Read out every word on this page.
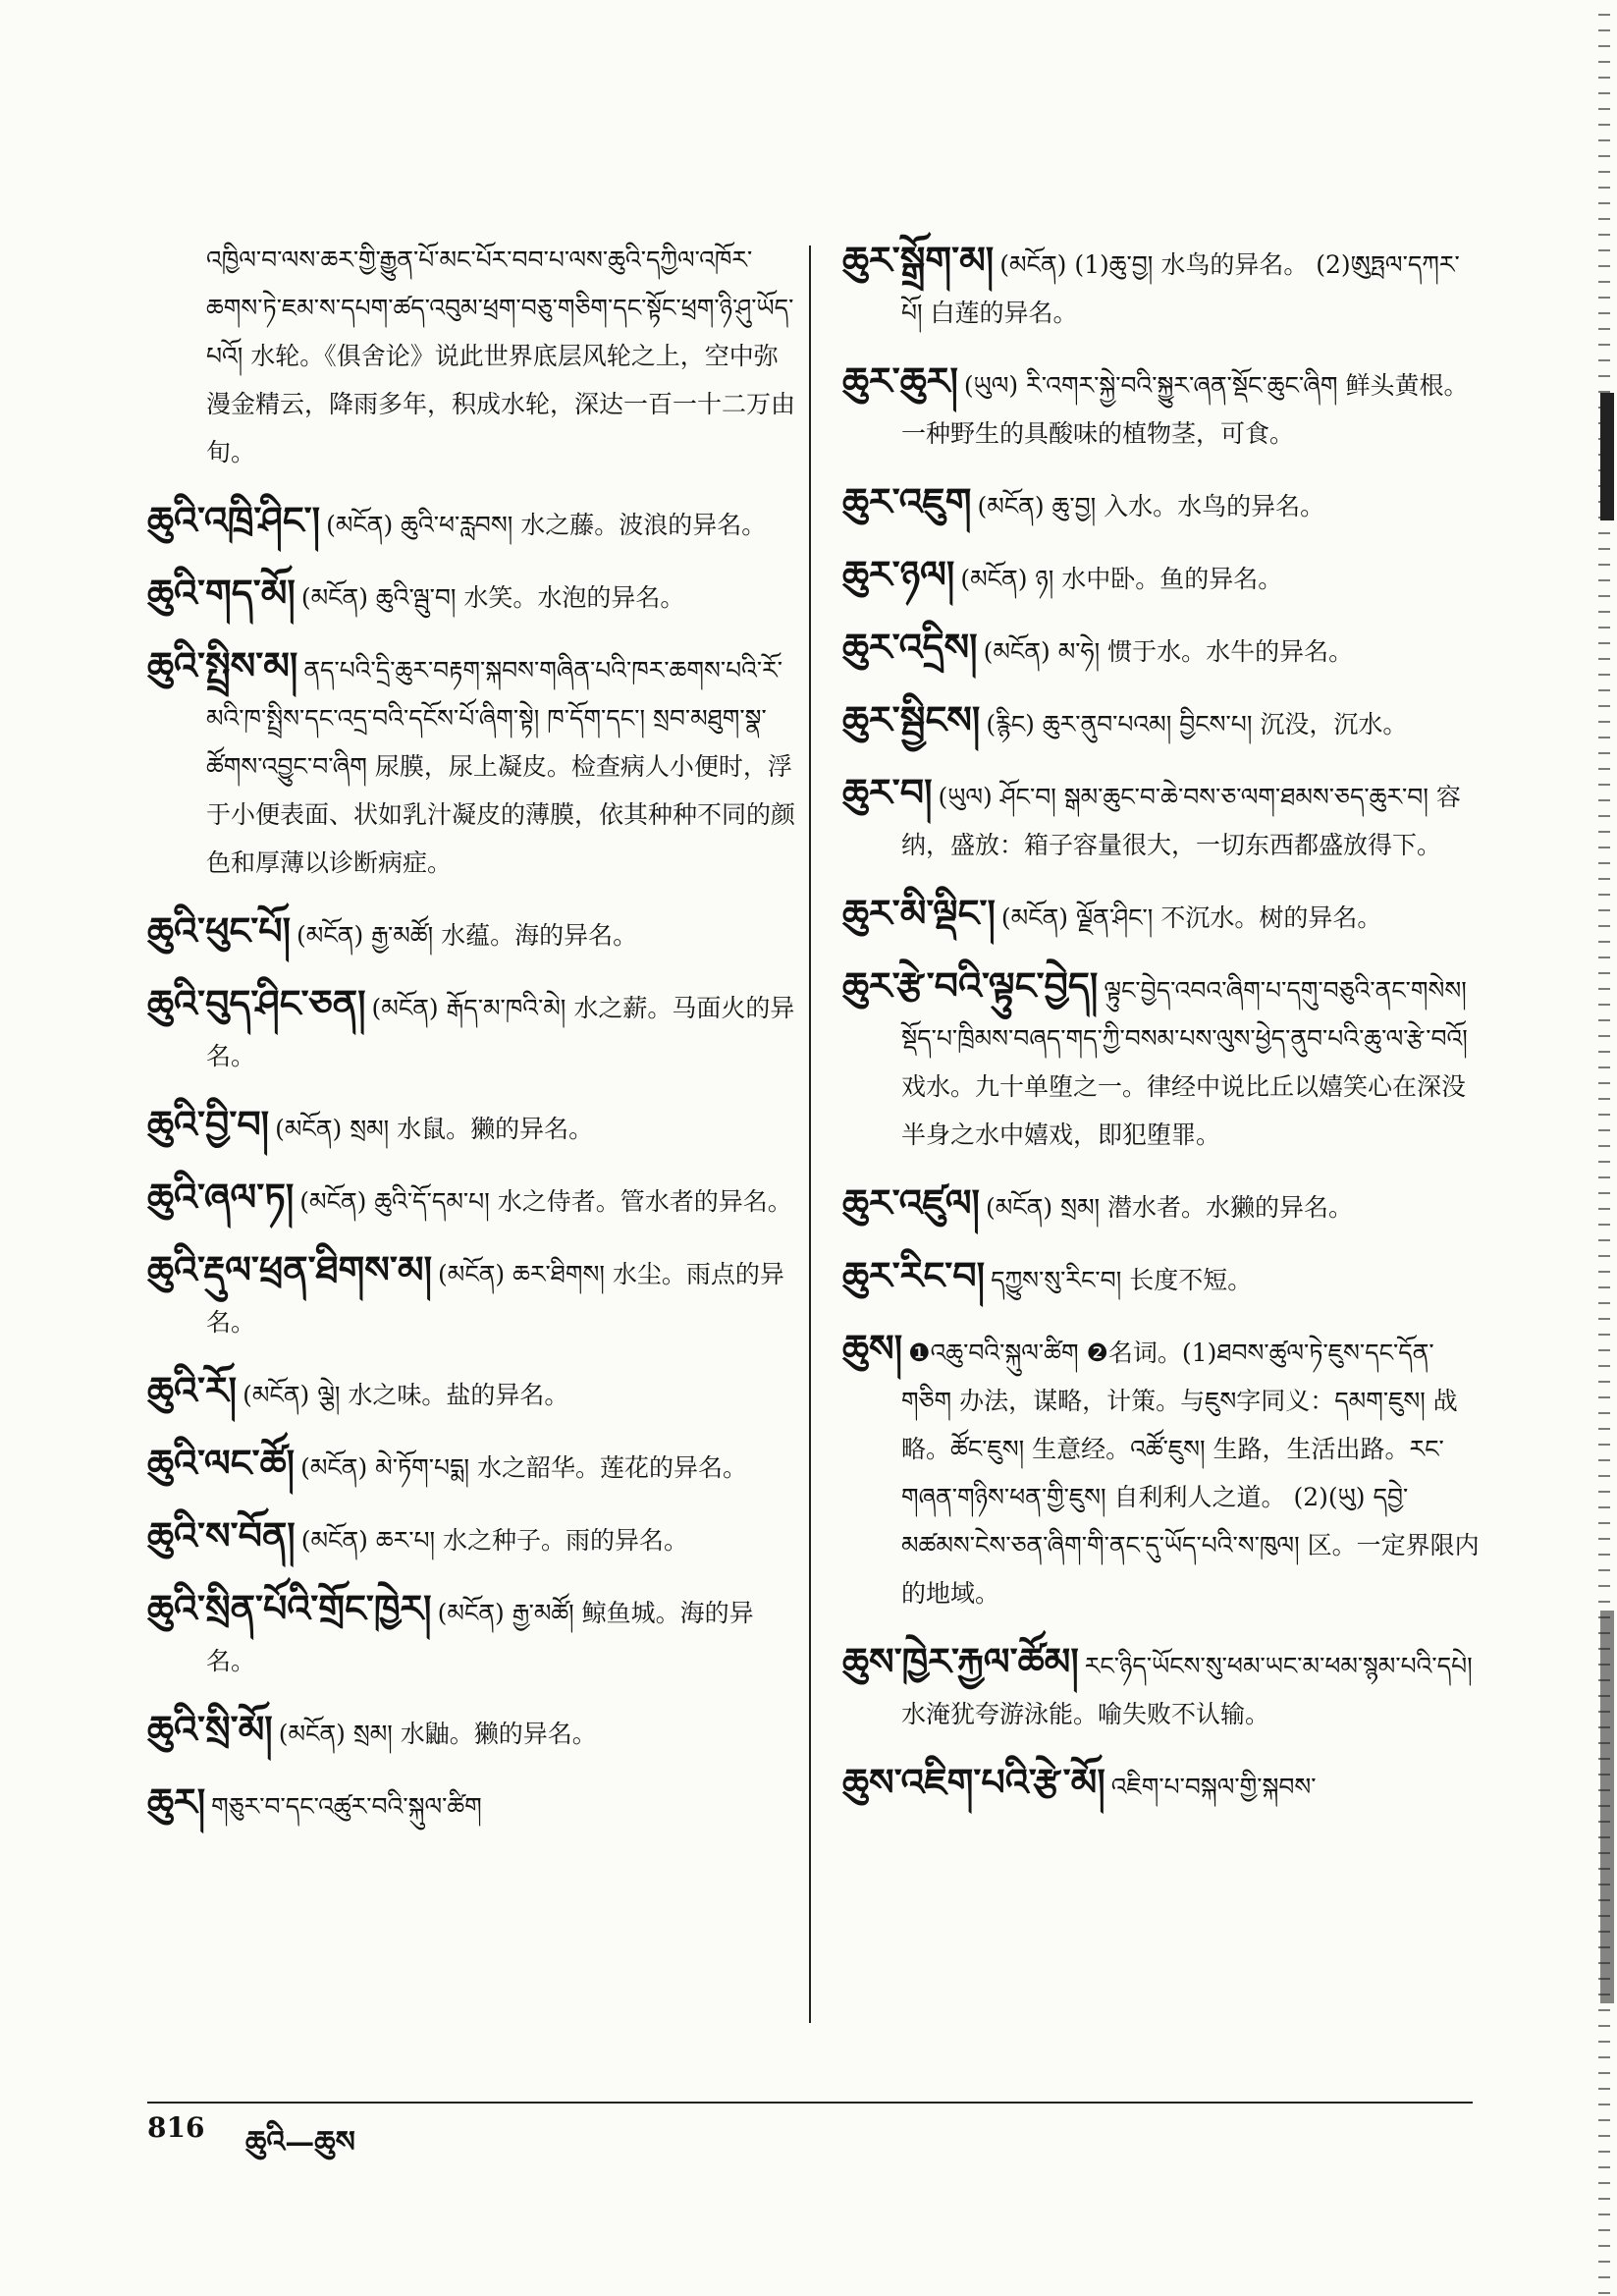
འཁྱིལ་བ་ལས་ཆར་གྱི་རྒྱུན་པོ་མང་པོར་བབ་པ་ལས་ཆུའི་དཀྱིལ་འཁོར་ཆགས་ཏེ་ཇམ་ས་དཔག་ཚད་འབུམ་ཕྲག་བཅུ་གཅིག་དང་སྟོང་ཕྲག་ཉི་ཤུ་ཡོད་པའོ། 水轮。《俱舍论》说此世界底层风轮之上，空中弥漫金精云，降雨多年，积成水轮，深达一百一十二万由旬。
ཆུའི་འཁྲི་ཤིང་། (མངོན) ཆུའི་ཕ་རླབས། 水之藤。波浪的异名。
ཆུའི་གད་མོ། (མངོན) ཆུའི་ལྦུ་བ། 水笑。水泡的异名。
ཆུའི་སྤྲིས་མ། ནད་པའི་དྲི་ཆུར་བརྟག་སྐབས་གཞིན་པའི་ཁར་ཆགས་པའི་རོ་མའི་ཁ་སྤྲིས་དང་འདྲ་བའི་དངོས་པོ་ཞིག་སྟེ། ཁ་དོག་དང་། སྲབ་མཐུག་སྣ་ཚོགས་འབྱུང་བ་ཞིག 尿膜，尿上凝皮。检查病人小便时，浮于小便表面、状如乳汁凝皮的薄膜，依其种种不同的颜色和厚薄以诊断病症。
ཆུའི་ཕུང་པོ། (མངོན) རྒྱ་མཚོ། 水蕴。海的异名。
ཆུའི་བུད་ཤིང་ཅན། (མངོན) རྒོད་མ་ཁའི་མེ། 水之薪。马面火的异名。
ཆུའི་བྱི་བ། (མངོན) སྲམ། 水鼠。獭的异名。
ཆུའི་ཞལ་ཏ། (མངོན) ཆུའི་དོ་དམ་པ། 水之侍者。管水者的异名。
ཆུའི་རྡུལ་ཕྲན་ཐིགས་མ། (མངོན) ཆར་ཐིགས། 水尘。雨点的异名。
ཆུའི་རོ། (མངོན) ལྕེ། 水之味。盐的异名。
ཆུའི་ལང་ཚོ། (མངོན) མེ་ཏོག་པདྨ། 水之韶华。莲花的异名。
ཆུའི་ས་བོན། (མངོན) ཆར་པ། 水之种子。雨的异名。
ཆུའི་སྲིན་པོའི་གྲོང་ཁྱེར། (མངོན) རྒྱ་མཚོ། 鲸鱼城。海的异名。
ཆུའི་སྲི་མོ། (མངོན) སྲམ། 水鼬。獭的异名。
ཆུར། གཅུར་བ་དང་འཚུར་བའི་སྐུལ་ཚིག
ཆུར་སྒྲོག་མ། (མངོན) (1)ཆུ་བྱ། 水鸟的异名。 (2)ཨུཏྤལ་དཀར་པོ། 白莲的异名。
ཆུར་ཆུར། (ཡུལ) རི་འགར་སྐྱེ་བའི་སྐྱུར་ཞན་སྡོང་ཆུང་ཞིག 鲜头黄根。一种野生的具酸味的植物茎，可食。
ཆུར་འཇུག (མངོན) ཆུ་བྱ། 入水。水鸟的异名。
ཆུར་ཉལ། (མངོན) ཉ། 水中卧。鱼的异名。
ཆུར་འདྲིས། (མངོན) མ་ཧེ། 惯于水。水牛的异名。
ཆུར་སྦྱིངས། (རྙིང) ཆུར་ནུབ་པའམ། བྱིངས་པ། 沉没，沉水。
ཆུར་བ། (ཡུལ) ཤོང་བ། སྒམ་ཆུང་བ་ཆེ་བས་ཅ་ལག་ཐམས་ཅད་ཆུར་བ། 容纳，盛放：箱子容量很大，一切东西都盛放得下。
ཆུར་མི་ལྡིང་། (མངོན) ལྗོན་ཤིང་། 不沉水。树的异名。
ཆུར་རྩེ་བའི་ལྟུང་བྱེད། ལྟུང་བྱེད་འབའ་ཞིག་པ་དགུ་བཅུའི་ནང་གསེས། སྡོད་པ་ཁྲིམས་བཞད་གད་ཀྱི་བསམ་པས་ལུས་ཕྱེད་ནུབ་པའི་ཆུ་ལ་རྩེ་བའོ། 戏水。九十单堕之一。律经中说比丘以嬉笑心在深没半身之水中嬉戏，即犯堕罪。
ཆུར་འཛུལ། (མངོན) སྲམ། 潜水者。水獭的异名。
ཆུར་རིང་བ། དཀྱུས་སུ་རིང་བ། 长度不短。
ཆུས། ❶འཆུ་བའི་སྐུལ་ཚིག ❷名词。(1)ཐབས་ཚུལ་ཏེ་ཇུས་དང་དོན་གཅིག 办法，谋略，计策。与ཇུས字同义：དམག་ཇུས། 战略。ཚོང་ཇུས། 生意经。འཚོ་ཇུས། 生路，生活出路。རང་གཞན་གཉིས་ཕན་གྱི་ཇུས། 自利利人之道。 (2)(ཡུ) དབྱེ་མཚམས་ངེས་ཅན་ཞིག་གི་ནང་དུ་ཡོད་པའི་ས་ཁུལ། 区。一定界限内的地域。
ཆུས་ཁྱེར་རྐྱལ་ཚོམ། རང་ཉིད་ཡོངས་སུ་ཕམ་ཡང་མ་ཕམ་སྙམ་པའི་དཔེ། 水淹犹夸游泳能。喻失败不认输。
ཆུས་འཇིག་པའི་རྩེ་མོ། འཇིག་པ་བསྐལ་གྱི་སྐབས་
816 ཆུའི—ཆུས
